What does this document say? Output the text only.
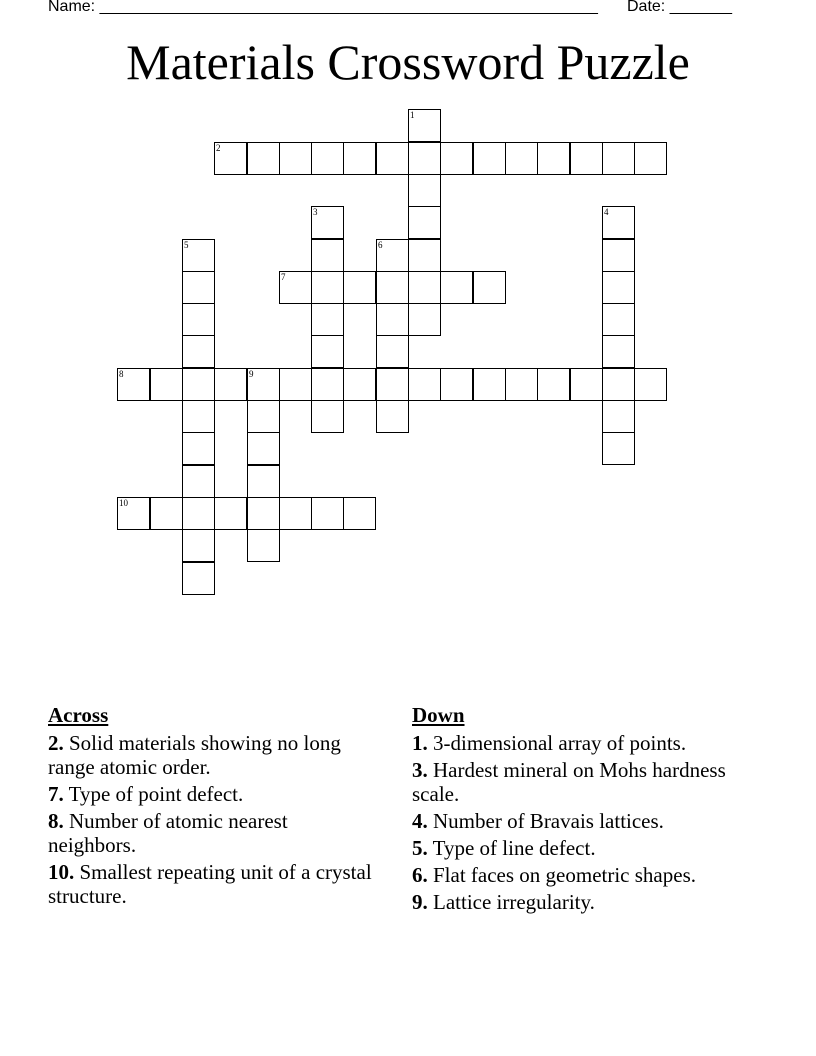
Name: ________________________________________________________ Date: _______
Materials Crossword Puzzle
1
2
3	4
5	6
7
8	9
10
Across
2. Solid materials showing no long range atomic order.
7. Type of point defect.
8. Number of atomic nearest neighbors.
10. Smallest repeating unit of a crystal structure.
Down
1. 3-dimensional array of points.
3. Hardest mineral on Mohs hardness scale.
4. Number of Bravais lattices.
5. Type of line defect.
6. Flat faces on geometric shapes.
9. Lattice irregularity.
